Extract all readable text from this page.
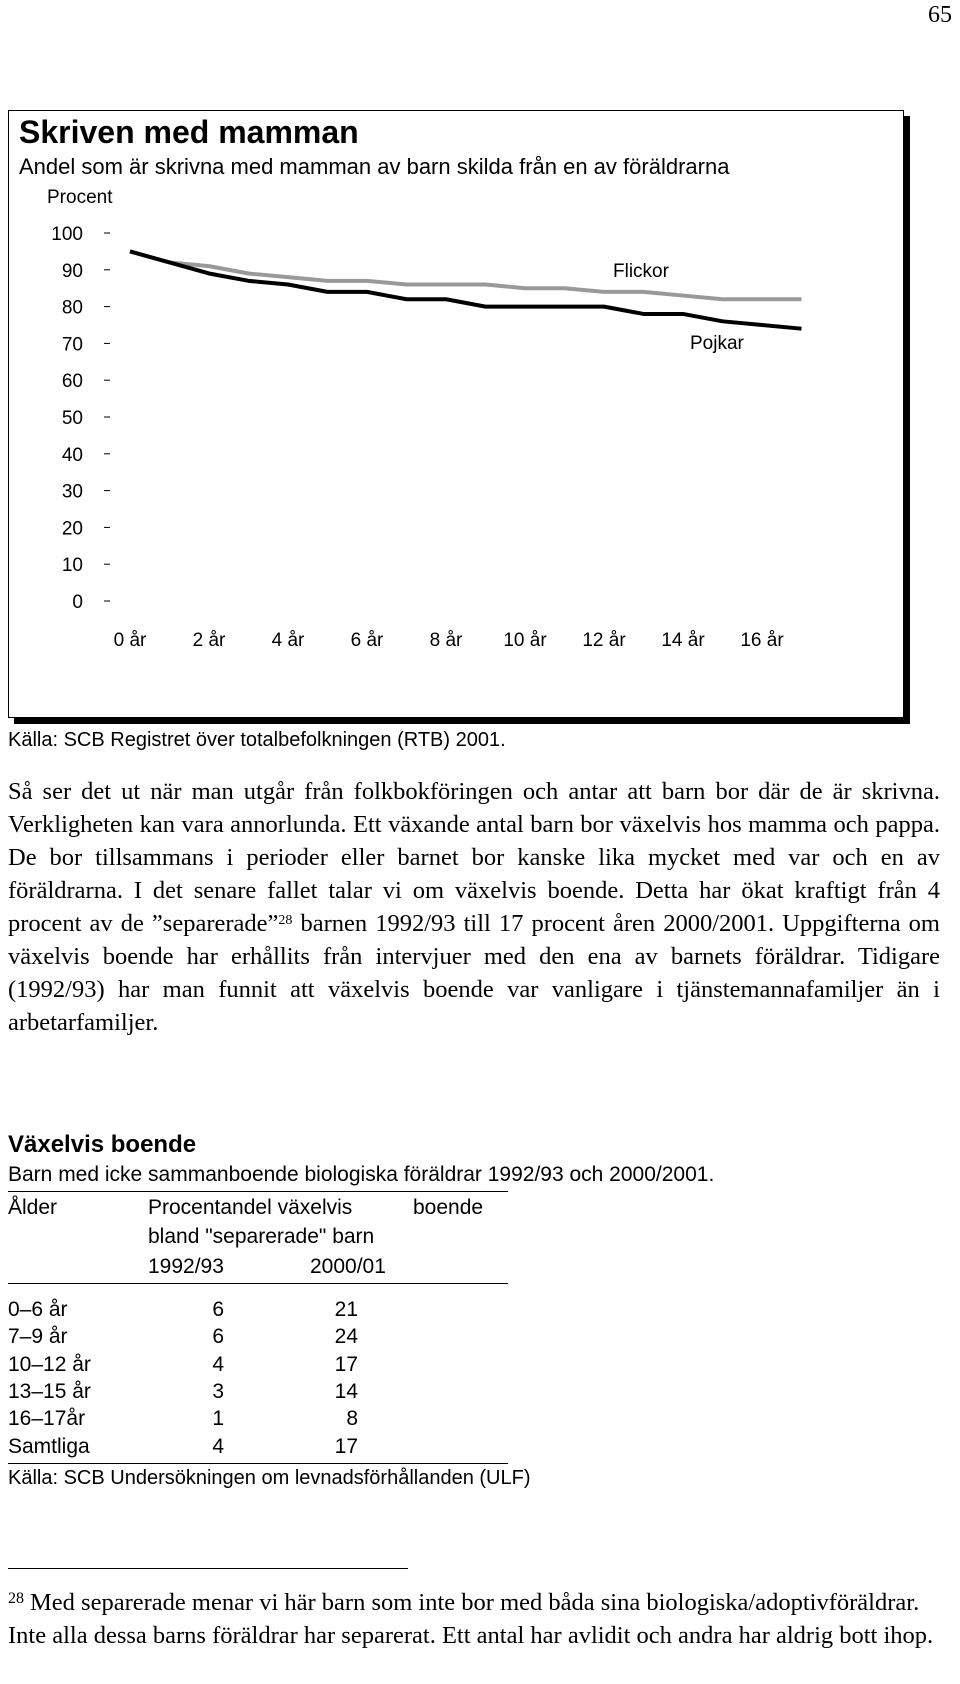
65
Skriven med mamman
Andel som är skrivna med mamman av barn skilda från en av föräldrarna
Procent
0
10
20
30
40
50
60
70
80
90
100
0 år 2 år 4 år 6 år 8 år 10 år 12 år 14 år 16 år
Flickor
Pojkar
Källa: SCB Registret över totalbefolkningen (RTB) 2001.

Så ser det ut när man utgår från folkbokföringen och antar att barn bor där de är skrivna. Verkligheten kan vara annorlunda. Ett växande antal barn bor växelvis hos mamma och pappa. De bor tillsammans i perioder eller barnet bor kanske lika mycket med var och en av föräldrarna. I det senare fallet talar vi om växelvis boende. Detta har ökat kraftigt från 4 procent av de ”separerade”$^{28}$ barnen 1992/93 till 17 procent åren 2000/2001. Uppgifterna om växelvis boende har erhållits från intervjuer med den ena av barnets föräldrar. Tidigare (1992/93) har man funnit att växelvis boende var vanligare i tjänstemannafamiljer än i arbetarfamiljer.

Växelvis boende
Barn med icke sammanboende biologiska föräldrar 1992/93 och 2000/2001.
Ålder	Procentandel växelvis	boende
bland "separerade" barn
1992/93	2000/01
0–6 år	6	21
7–9 år	6	24
10–12 år	4	17
13–15 år	3	14
16–17år	1	8
Samtliga	4	17
Källa: SCB Undersökningen om levnadsförhållanden (ULF)

$^{28}$ Med separerade menar vi här barn som inte bor med båda sina biologiska/adoptivföräldrar. Inte alla dessa barns föräldrar har separerat. Ett antal har avlidit och andra har aldrig bott ihop.
